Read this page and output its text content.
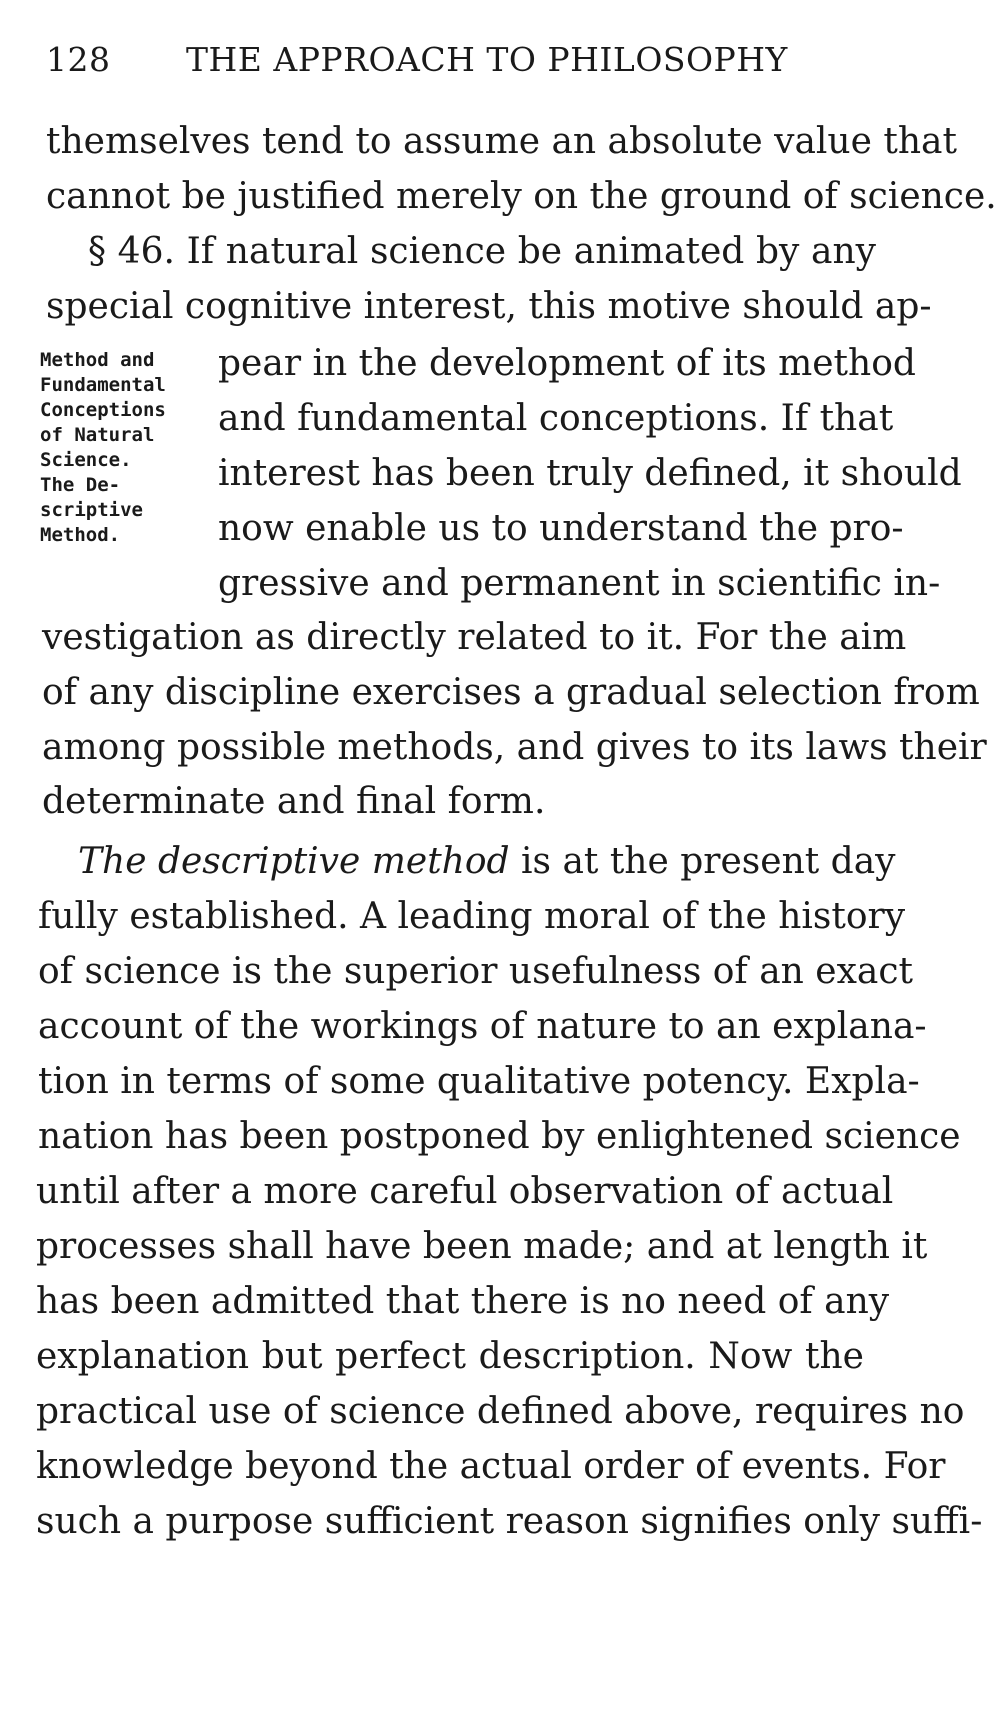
128 THE APPROACH TO PHILOSOPHY
Method and
Fundamental
Conceptions
of Natural
Science.
The De-
scriptive
Method.
themselves tend to assume an absolute value that
cannot be justified merely on the ground of science.
§ 46. If natural science be animated by any
special cognitive interest, this motive should ap-
pear in the development of its method
and fundamental conceptions. If that
interest has been truly defined, it should
now enable us to understand the pro-
gressive and permanent in scientific in-
vestigation as directly related to it. For the aim
of any discipline exercises a gradual selection from
among possible methods, and gives to its laws their
determinate and final form.
The descriptive method is at the present day
fully established. A leading moral of the history
of science is the superior usefulness of an exact
account of the workings of nature to an explana-
tion in terms of some qualitative potency. Expla-
nation has been postponed by enlightened science
until after a more careful observation of actual
processes shall have been made; and at length it
has been admitted that there is no need of any
explanation but perfect description. Now the
practical use of science defined above, requires no
knowledge beyond the actual order of events. For
such a purpose sufficient reason signifies only suffi-
